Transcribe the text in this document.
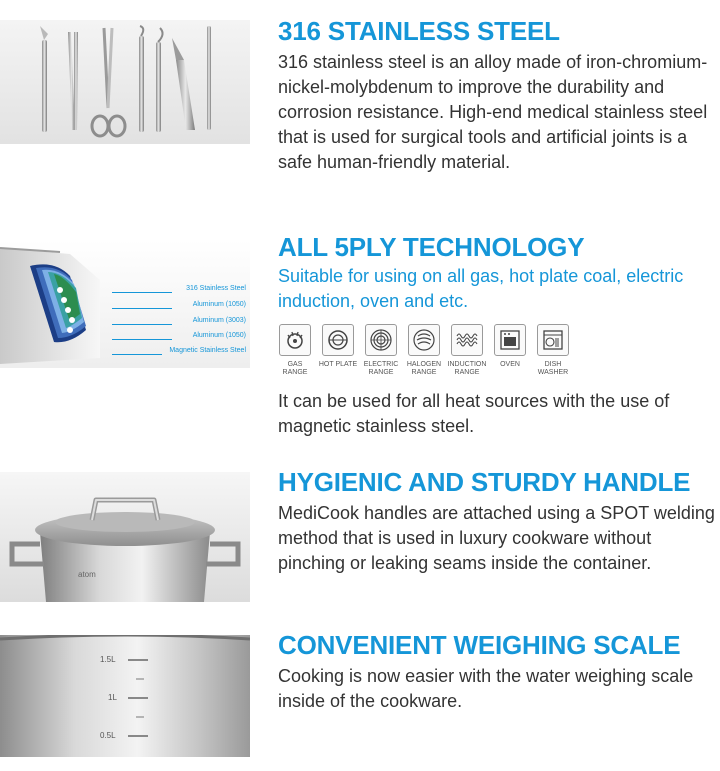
316 STAINLESS STEEL

316 stainless steel is an alloy made of iron-chromium-nickel-molybdenum to improve the durability and corrosion resistance. High-end medical stainless steel that is used for surgical tools and artificial joints is a safe human-friendly material.

316 Stainless Steel
Aluminum (1050)
Aluminum (3003)
Aluminum (1050)
Magnetic Stainless Steel
ALL 5PLY TECHNOLOGY

Suitable for using on all gas, hot plate coal, electric induction, oven and etc.

GAS RANGE
HOT PLATE ELECTRIC RANGE
HALOGEN RANGE
INDUCTION RANGE
OVEN	DISH WASHER

It can be used for all heat sources with the use of magnetic stainless steel.

atom
HYGIENIC AND STURDY HANDLE

MediCook handles are attached using a SPOT welding method that is used in luxury cookware without pinching or leaking seams inside the container.

1.5L
1L
0.5L
CONVENIENT WEIGHING SCALE

Cooking is now easier with the water weighing scale inside of the cookware.
